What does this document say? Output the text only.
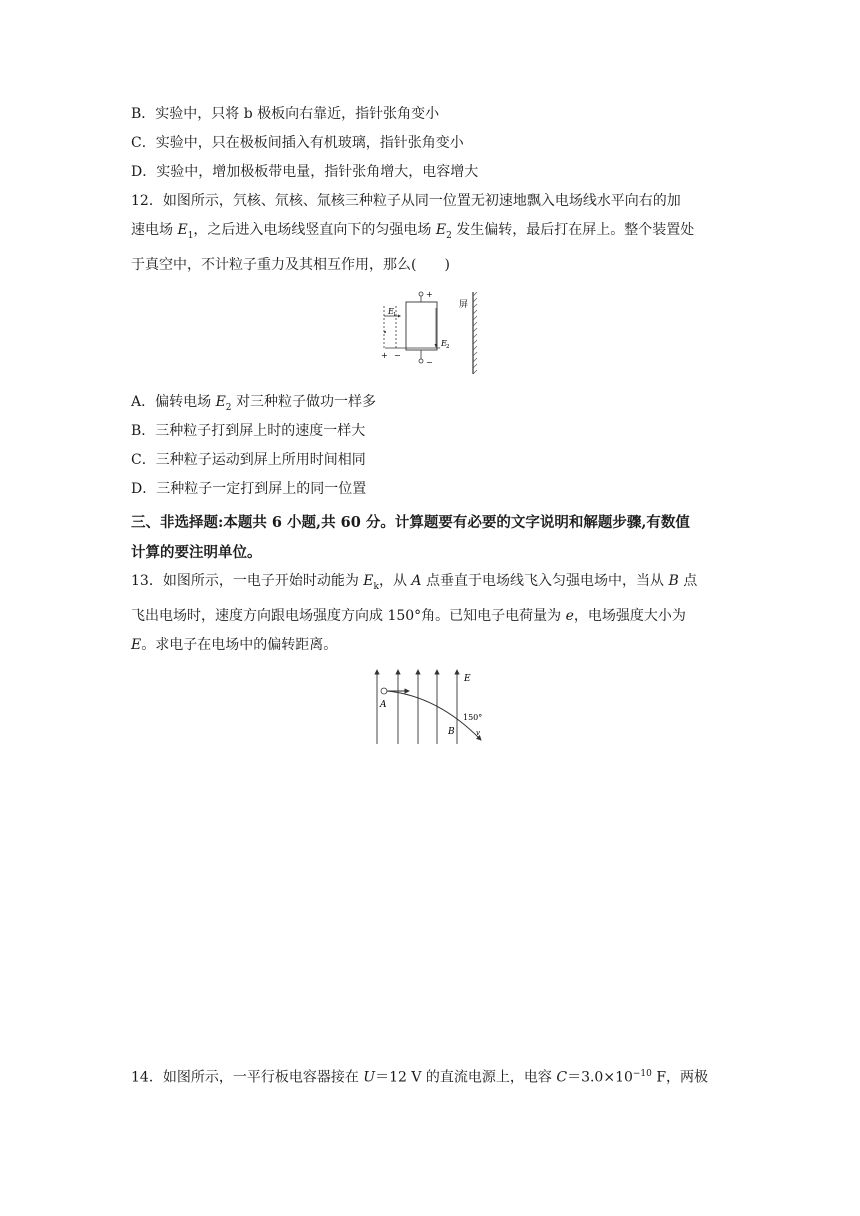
B．实验中，只将 b 极板向右靠近，指针张角变小
C．实验中，只在极板间插入有机玻璃，指针张角变小
D．实验中，增加极板带电量，指针张角增大，电容增大
12．如图所示，氕核、氘核、氚核三种粒子从同一位置无初速地飘入电场线水平向右的加
速电场 $E_1$，之后进入电场线竖直向下的匀强电场 $E_2$ 发生偏转，最后打在屏上。整个装置处
于真空中，不计粒子重力及其相互作用，那么(　　)
E 1
+ −
+
−
E 2
屏
A．偏转电场 $E_2$ 对三种粒子做功一样多
B．三种粒子打到屏上时的速度一样大
C．三种粒子运动到屏上所用时间相同
D．三种粒子一定打到屏上的同一位置
三、非选择题:本题共 6 小题,共 60 分。计算题要有必要的文字说明和解题步骤,有数值
计算的要注明单位。
13．如图所示，一电子开始时动能为 $E_k$，从 A 点垂直于电场线飞入匀强电场中，当从 B 点
飞出电场时，速度方向跟电场强度方向成 150°角。已知电子电荷量为 e，电场强度大小为
E。求电子在电场中的偏转距离。
E
A
B
150°
v
14．如图所示，一平行板电容器接在 U＝12 V 的直流电源上，电容 $C=3.0\times 10^{-10}$ F，两极
